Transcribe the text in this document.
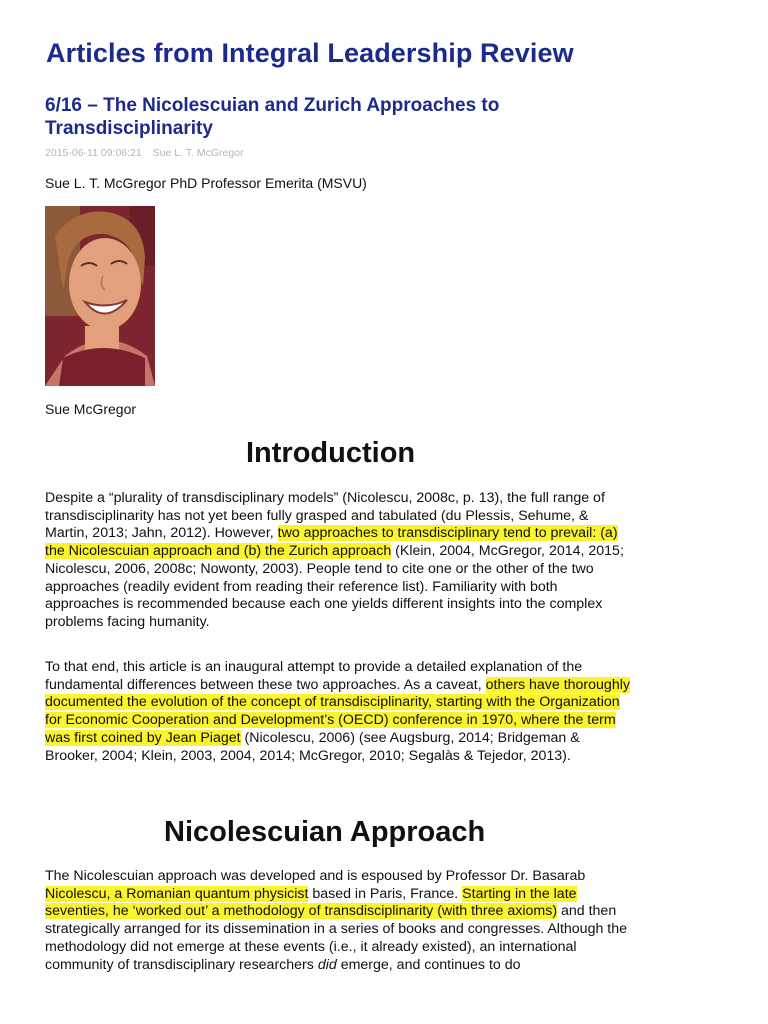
Articles from Integral Leadership Review
6/16 – The Nicolescuian and Zurich Approaches to Transdisciplinarity
2015-06-11 09:06:21 Sue L. T. McGregor
Sue L. T. McGregor PhD Professor Emerita (MSVU)
Sue McGregor
Introduction

Despite a “plurality of transdisciplinary models” (Nicolescu, 2008c, p. 13), the full range of transdisciplinarity has not yet been fully grasped and tabulated (du Plessis, Sehume, & Martin, 2013; Jahn, 2012). However, two approaches to transdisciplinary tend to prevail: (a) the Nicolescuian approach and (b) the Zurich approach (Klein, 2004, McGregor, 2014, 2015; Nicolescu, 2006, 2008c; Nowonty, 2003). People tend to cite one or the other of the two approaches (readily evident from reading their reference list). Familiarity with both approaches is recommended because each one yields different insights into the complex problems facing humanity.

To that end, this article is an inaugural attempt to provide a detailed explanation of the fundamental differences between these two approaches. As a caveat, others have thoroughly documented the evolution of the concept of transdisciplinarity, starting with the Organization for Economic Cooperation and Development’s (OECD) conference in 1970, where the term was first coined by Jean Piaget (Nicolescu, 2006) (see Augsburg, 2014; Bridgeman & Brooker, 2004; Klein, 2003, 2004, 2014; McGregor, 2010; Segalàs & Tejedor, 2013).

Nicolescuian Approach

The Nicolescuian approach was developed and is espoused by Professor Dr. Basarab Nicolescu, a Romanian quantum physicist based in Paris, France. Starting in the late seventies, he ‘worked out’ a methodology of transdisciplinarity (with three axioms) and then strategically arranged for its dissemination in a series of books and congresses. Although the methodology did not emerge at these events (i.e., it already existed), an international community of transdisciplinary researchers did emerge, and continues to do
